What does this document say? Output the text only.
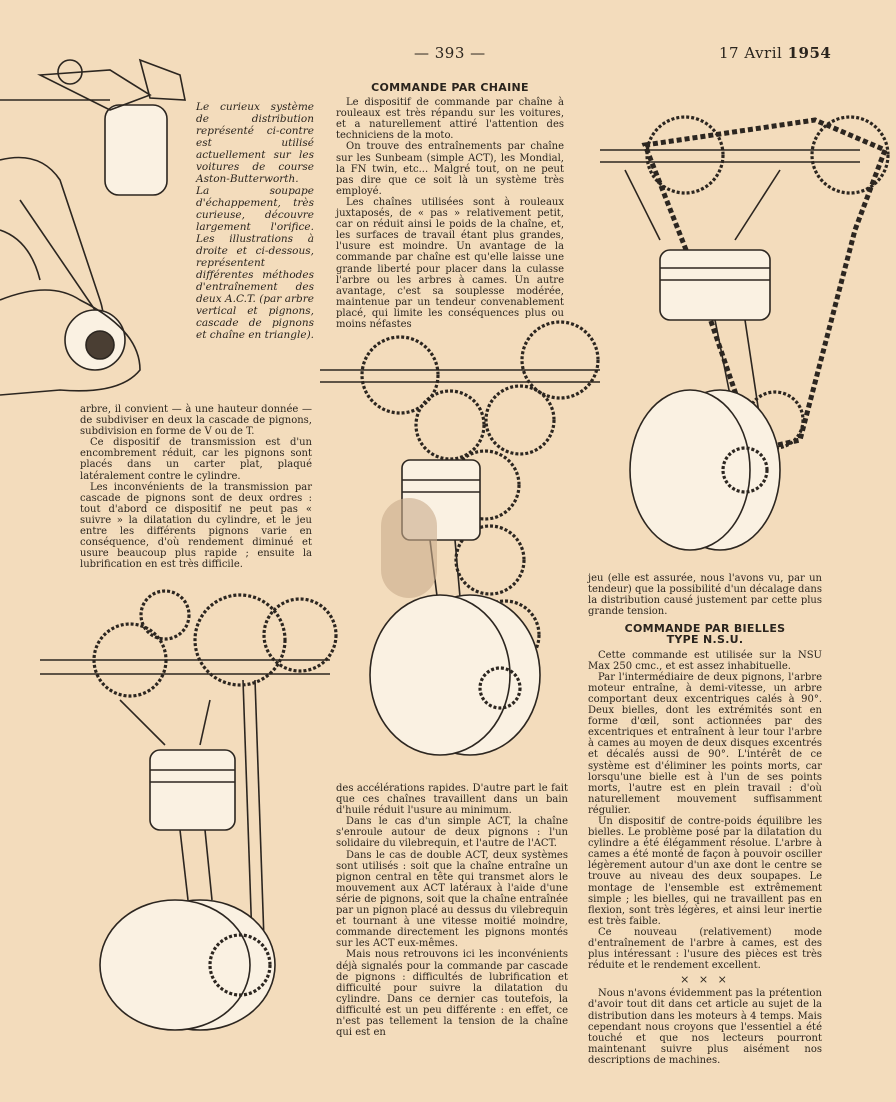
— 393 —	17 Avril 1954
Le curieux système de distribution représenté ci-contre est utilisé actuellement sur les voitures de course Aston-Butterworth. La soupape d'échappement, très curieuse, découvre largement l'orifice. Les illustrations à droite et ci-dessous, représentent différentes méthodes d'entraînement des deux A.C.T. (par arbre vertical et pignons, cascade de pignons et chaîne en triangle).
COMMANDE PAR CHAINE

Le dispositif de commande par chaîne à rouleaux est très répandu sur les voitures, et a naturellement attiré l'attention des techniciens de la moto.

On trouve des entraînements par chaîne sur les Sunbeam (simple ACT), les Mondial, la FN twin, etc... Malgré tout, on ne peut pas dire que ce soit là un système très employé.

Les chaînes utilisées sont à rouleaux juxtaposés, de « pas » relativement petit, car on réduit ainsi le poids de la chaîne, et, les surfaces de travail étant plus grandes, l'usure est moindre. Un avantage de la commande par chaîne est qu'elle laisse une grande liberté pour placer dans la culasse l'arbre ou les arbres à cames. Un autre avantage, c'est sa souplesse modérée, maintenue par un tendeur convenablement placé, qui limite les conséquences plus ou moins néfastes

arbre, il convient — à une hauteur donnée — de subdiviser en deux la cascade de pignons, subdivision en forme de V ou de T.

Ce dispositif de transmission est d'un encombrement réduit, car les pignons sont placés dans un carter plat, plaqué latéralement contre le cylindre.

Les inconvénients de la transmission par cascade de pignons sont de deux ordres : tout d'abord ce dispositif ne peut pas « suivre » la dilatation du cylindre, et le jeu entre les différents pignons varie en conséquence, d'où rendement diminué et usure beaucoup plus rapide ; ensuite la lubrification en est très difficile.

des accélérations rapides. D'autre part le fait que ces chaînes travaillent dans un bain d'huile réduit l'usure au minimum.

Dans le cas d'un simple ACT, la chaîne s'enroule autour de deux pignons : l'un solidaire du vilebrequin, et l'autre de l'ACT.

Dans le cas de double ACT, deux systèmes sont utilisés : soit que la chaîne entraîne un pignon central en tête qui transmet alors le mouvement aux ACT latéraux à l'aide d'une série de pignons, soit que la chaîne entraînée par un pignon placé au dessus du vilebrequin et tournant à une vitesse moitié moindre, commande directement les pignons montés sur les ACT eux-mêmes.

Mais nous retrouvons ici les inconvénients déjà signalés pour la commande par cascade de pignons : difficultés de lubrification et difficulté pour suivre la dilatation du cylindre. Dans ce dernier cas toutefois, la difficulté est un peu différente : en effet, ce n'est pas tellement la tension de la chaîne qui est en

jeu (elle est assurée, nous l'avons vu, par un tendeur) que la possibilité d'un décalage dans la distribution causé justement par cette plus grande tension.

COMMANDE PAR BIELLES
TYPE N.S.U.

Cette commande est utilisée sur la NSU Max 250 cmc., et est assez inhabituelle.

Par l'intermédiaire de deux pignons, l'arbre moteur entraîne, à demi-vitesse, un arbre comportant deux excentriques calés à 90°. Deux bielles, dont les extrémités sont en forme d'œil, sont actionnées par des excentriques et entraînent à leur tour l'arbre à cames au moyen de deux disques excentrés et décalés aussi de 90°. L'intérêt de ce système est d'éliminer les points morts, car lorsqu'une bielle est à l'un de ses points morts, l'autre est en plein travail : d'où naturellement mouvement suffisamment régulier.

Un dispositif de contre-poids équilibre les bielles. Le problème posé par la dilatation du cylindre a été élégamment résolue. L'arbre à cames a été monté de façon à pouvoir osciller légèrement autour d'un axe dont le centre se trouve au niveau des deux soupapes. Le montage de l'ensemble est extrêmement simple ; les bielles, qui ne travaillent pas en flexion, sont très légères, et ainsi leur inertie est très faible.

Ce nouveau (relativement) mode d'entraînement de l'arbre à cames, est des plus intéressant : l'usure des pièces est très réduite et le rendement excellent.

× × ×

Nous n'avons évidemment pas la prétention d'avoir tout dit dans cet article au sujet de la distribution dans les moteurs à 4 temps. Mais cependant nous croyons que l'essentiel a été touché et que nos lecteurs pourront maintenant suivre plus aisément nos descriptions de machines.
